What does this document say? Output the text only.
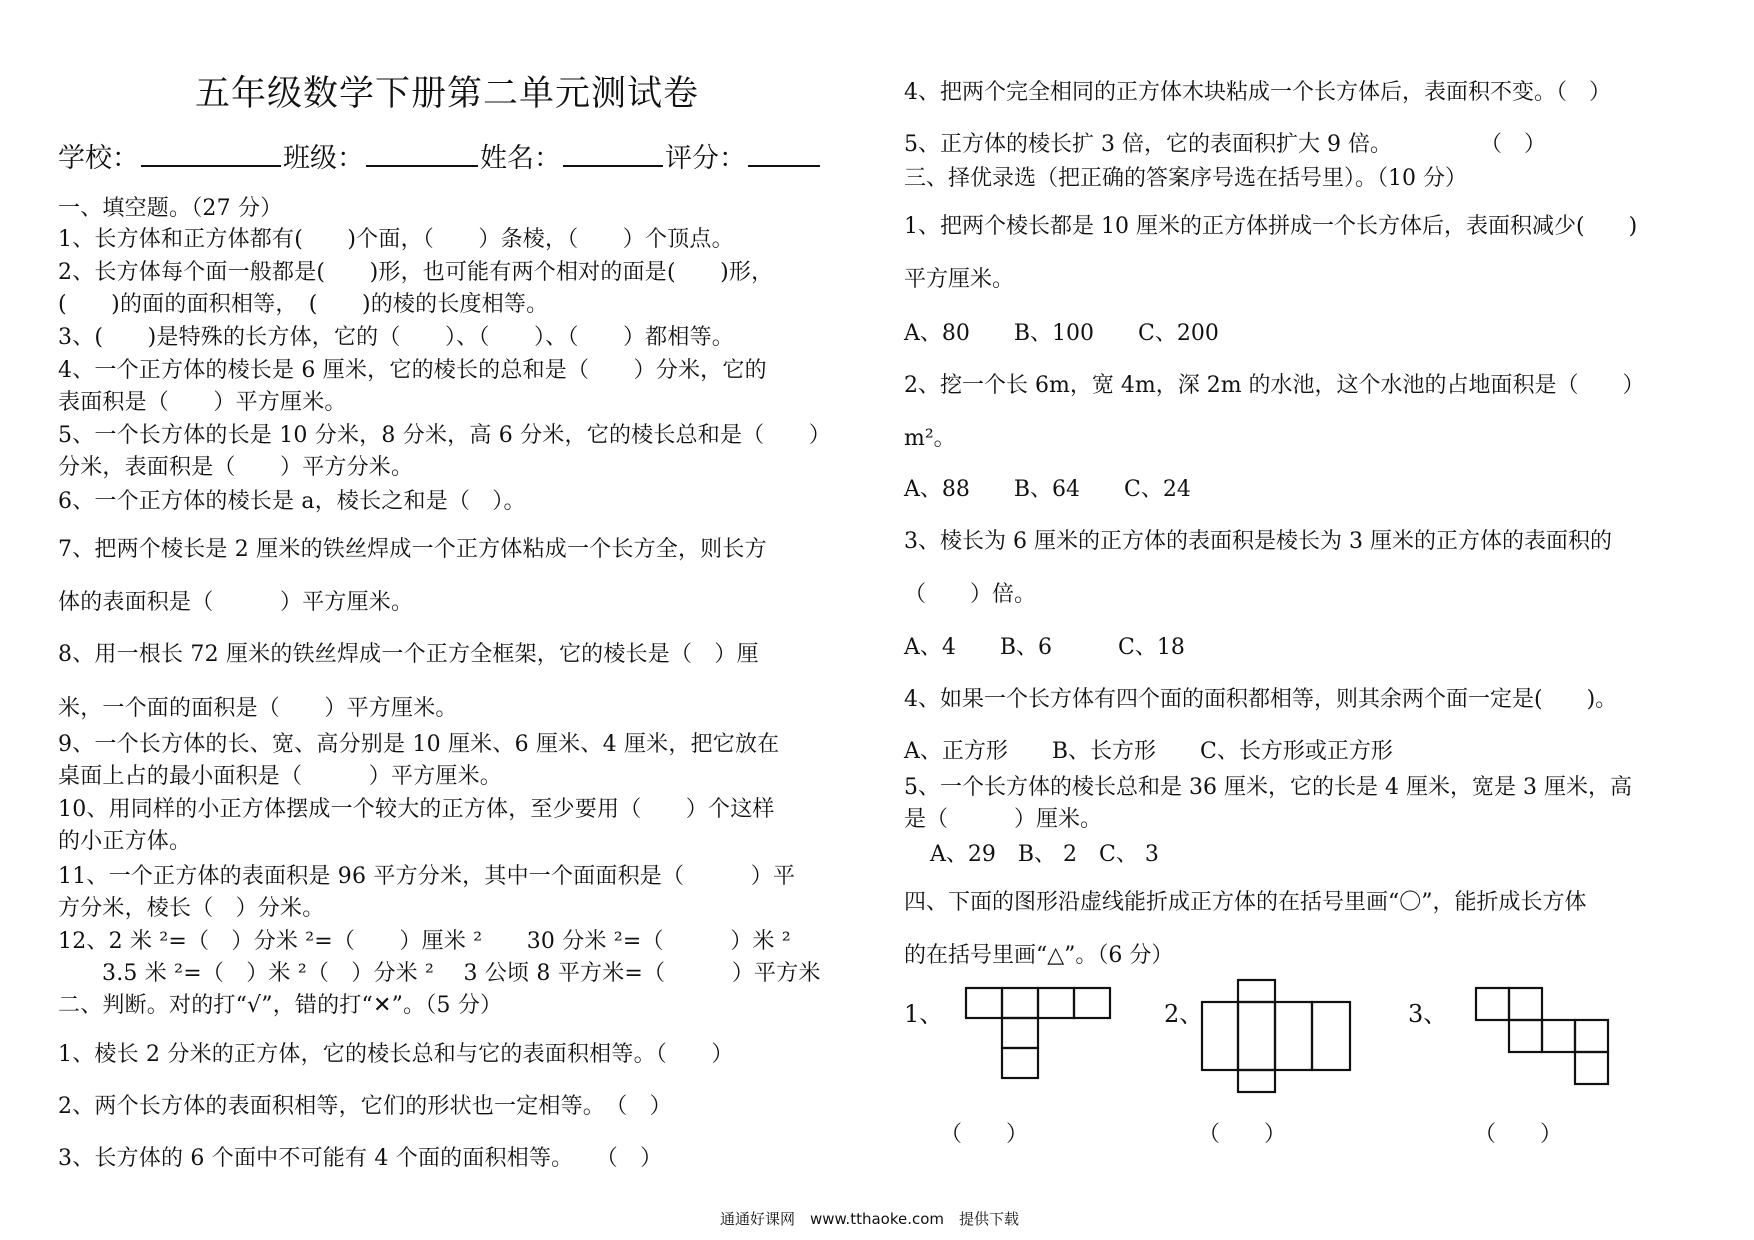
五年级数学下册第二单元测试卷
学校：	班级：	姓名：	评分：
一、填空题。（27 分）
1、长方体和正方体都有(　　)个面，（　　）条棱，（　　）个顶点。
2、长方体每个面一般都是(　　)形，也可能有两个相对的面是(　　)形，
(　　)的面的面积相等，　(　　)的棱的长度相等。
3、(　　)是特殊的长方体，它的（　　）、（　　）、（　　）都相等。
4、一个正方体的棱长是 6 厘米，它的棱长的总和是（　　）分米，它的
表面积是（　　）平方厘米。
5、一个长方体的长是 10 分米，8 分米，高 6 分米，它的棱长总和是（　　）
分米，表面积是（　　）平方分米。
6、一个正方体的棱长是 a，棱长之和是（　）。
7、把两个棱长是 2 厘米的铁丝焊成一个正方体粘成一个长方全，则长方
体的表面积是（　　　）平方厘米。
8、用一根长 72 厘米的铁丝焊成一个正方全框架，它的棱长是（　）厘
米，一个面的面积是（　　）平方厘米。
9、一个长方体的长、宽、高分别是 10 厘米、6 厘米、4 厘米，把它放在
桌面上占的最小面积是（　　　）平方厘米。
10、用同样的小正方体摆成一个较大的正方体，至少要用（　　）个这样
的小正方体。
11、一个正方体的表面积是 96 平方分米，其中一个面面积是（　　　）平
方分米，棱长（　）分米。
12、2 米 ²=（　）分米 ²=（　　）厘米 ²　　30 分米 ²=（　　　）米 ²
3.5 米 ²=（　）米 ²（　）分米 ²　 3 公顷 8 平方米=（　　　）平方米
二、判断。对的打“√”，错的打“✕”。（5 分）
1、棱长 2 分米的正方体，它的棱长总和与它的表面积相等。（　　）
2、两个长方体的表面积相等，它们的形状也一定相等。　（　）
3、长方体的 6 个面中不可能有 4 个面的面积相等。　　（　）
4、把两个完全相同的正方体木块粘成一个长方体后，表面积不变。（　）
5、正方体的棱长扩 3 倍，它的表面积扩大 9 倍。　　　　　（　）
三、择优录选（把正确的答案序号选在括号里）。（10 分）
1、把两个棱长都是 10 厘米的正方体拼成一个长方体后，表面积减少(　　)
平方厘米。
A、80　　B、100　　C、200
2、挖一个长 6m，宽 4m，深 2m 的水池，这个水池的占地面积是（　　）
m²。
A、88　　B、64　　C、24
3、棱长为 6 厘米的正方体的表面积是棱长为 3 厘米的正方体的表面积的
（　　）倍。
A、4　　B、6　　　C、18
4、如果一个长方体有四个面的面积都相等，则其余两个面一定是(　　)。
A、正方形　　B、长方形　　C、长方形或正方形
5、一个长方体的棱长总和是 36 厘米，它的长是 4 厘米，宽是 3 厘米，高
是（　　　）厘米。
A、29　B、 2　C、 3
四、下面的图形沿虚线能折成正方体的在括号里画“〇”，能折成长方体
的在括号里画“△”。（6 分）
1、	2、	3、
（　　）	（　　）	（　　）
通通好课网　www.tthaoke.com　提供下载
